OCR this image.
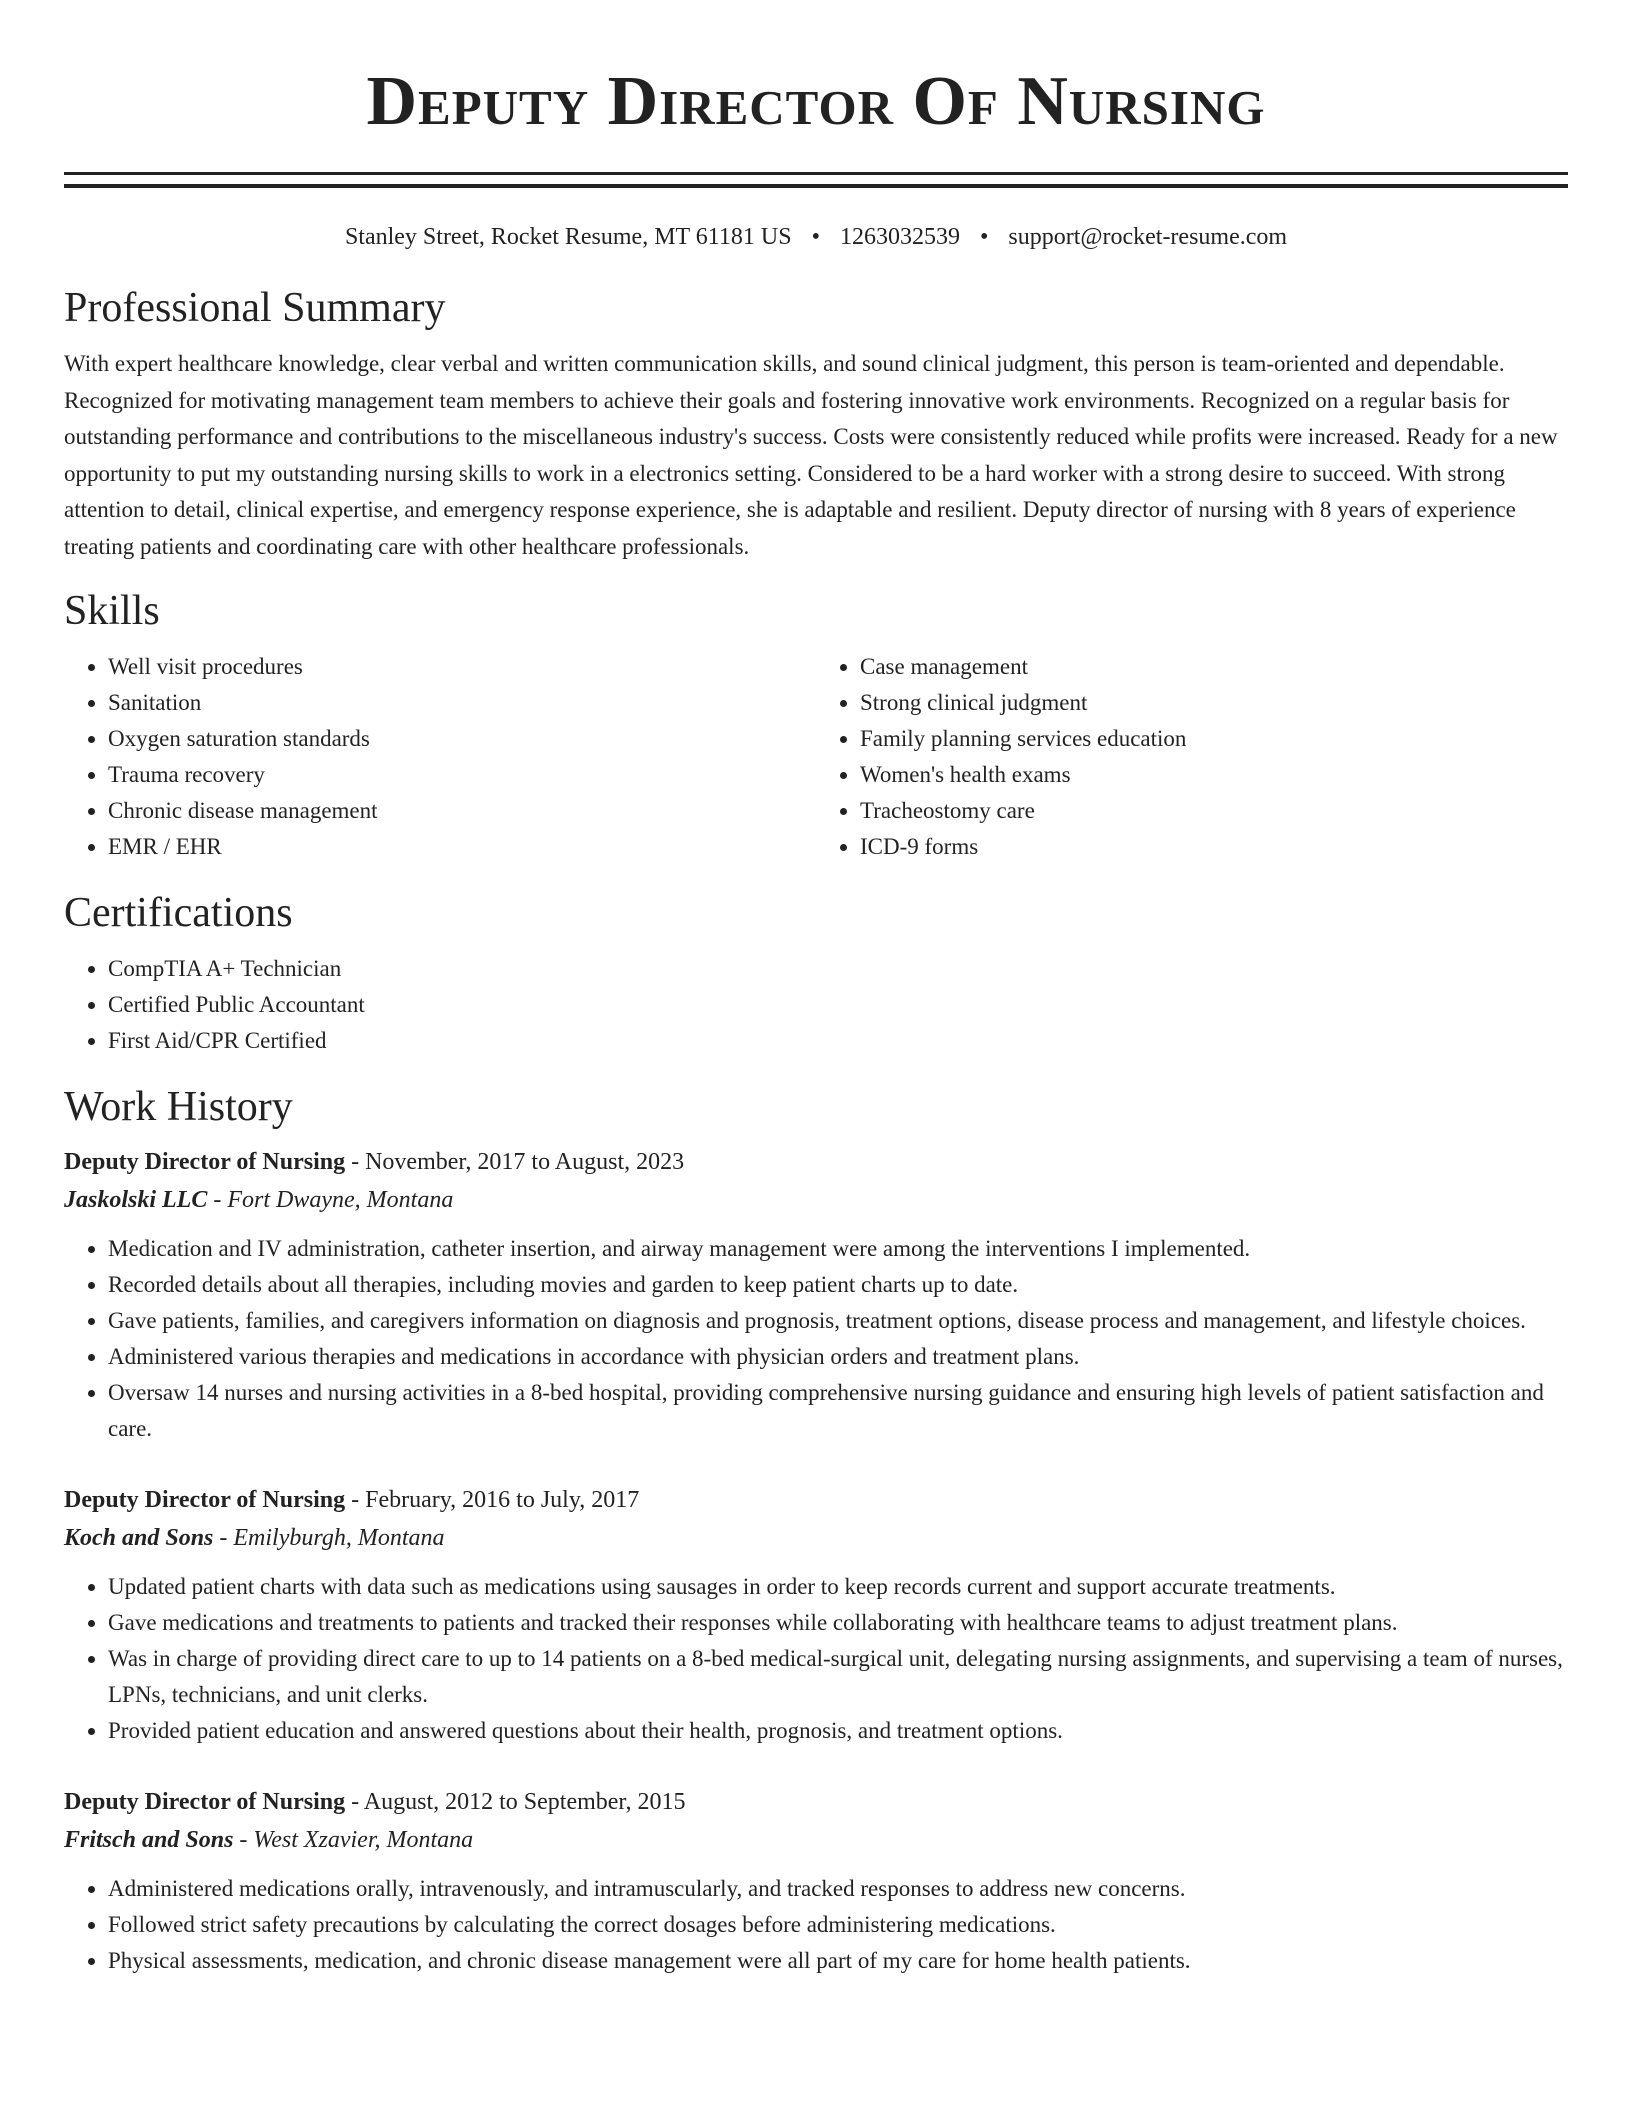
Deputy Director Of Nursing
Stanley Street, Rocket Resume, MT 61181 US • 1263032539 • support@rocket-resume.com
Professional Summary

With expert healthcare knowledge, clear verbal and written communication skills, and sound clinical judgment, this person is team-oriented and dependable. Recognized for motivating management team members to achieve their goals and fostering innovative work environments. Recognized on a regular basis for outstanding performance and contributions to the miscellaneous industry's success. Costs were consistently reduced while profits were increased. Ready for a new opportunity to put my outstanding nursing skills to work in a electronics setting. Considered to be a hard worker with a strong desire to succeed. With strong attention to detail, clinical expertise, and emergency response experience, she is adaptable and resilient. Deputy director of nursing with 8 years of experience treating patients and coordinating care with other healthcare professionals.

Skills
• Well visit procedures
• Sanitation
• Oxygen saturation standards
• Trauma recovery
• Chronic disease management
• EMR / EHR
• Case management
• Strong clinical judgment
• Family planning services education
• Women's health exams
• Tracheostomy care
• ICD-9 forms
Certifications
• CompTIA A+ Technician
• Certified Public Accountant
• First Aid/CPR Certified
Work History
Deputy Director of Nursing - November, 2017 to August, 2023
Jaskolski LLC - Fort Dwayne, Montana
• Medication and IV administration, catheter insertion, and airway management were among the interventions I implemented.
• Recorded details about all therapies, including movies and garden to keep patient charts up to date.
• Gave patients, families, and caregivers information on diagnosis and prognosis, treatment options, disease process and management, and lifestyle choices.
• Administered various therapies and medications in accordance with physician orders and treatment plans.
• Oversaw 14 nurses and nursing activities in a 8-bed hospital, providing comprehensive nursing guidance and ensuring high levels of patient satisfaction and care.
Deputy Director of Nursing - February, 2016 to July, 2017
Koch and Sons - Emilyburgh, Montana
• Updated patient charts with data such as medications using sausages in order to keep records current and support accurate treatments.
• Gave medications and treatments to patients and tracked their responses while collaborating with healthcare teams to adjust treatment plans.
• Was in charge of providing direct care to up to 14 patients on a 8-bed medical-surgical unit, delegating nursing assignments, and supervising a team of nurses, LPNs, technicians, and unit clerks.
• Provided patient education and answered questions about their health, prognosis, and treatment options.
Deputy Director of Nursing - August, 2012 to September, 2015
Fritsch and Sons - West Xzavier, Montana
• Administered medications orally, intravenously, and intramuscularly, and tracked responses to address new concerns.
• Followed strict safety precautions by calculating the correct dosages before administering medications.
• Physical assessments, medication, and chronic disease management were all part of my care for home health patients.
